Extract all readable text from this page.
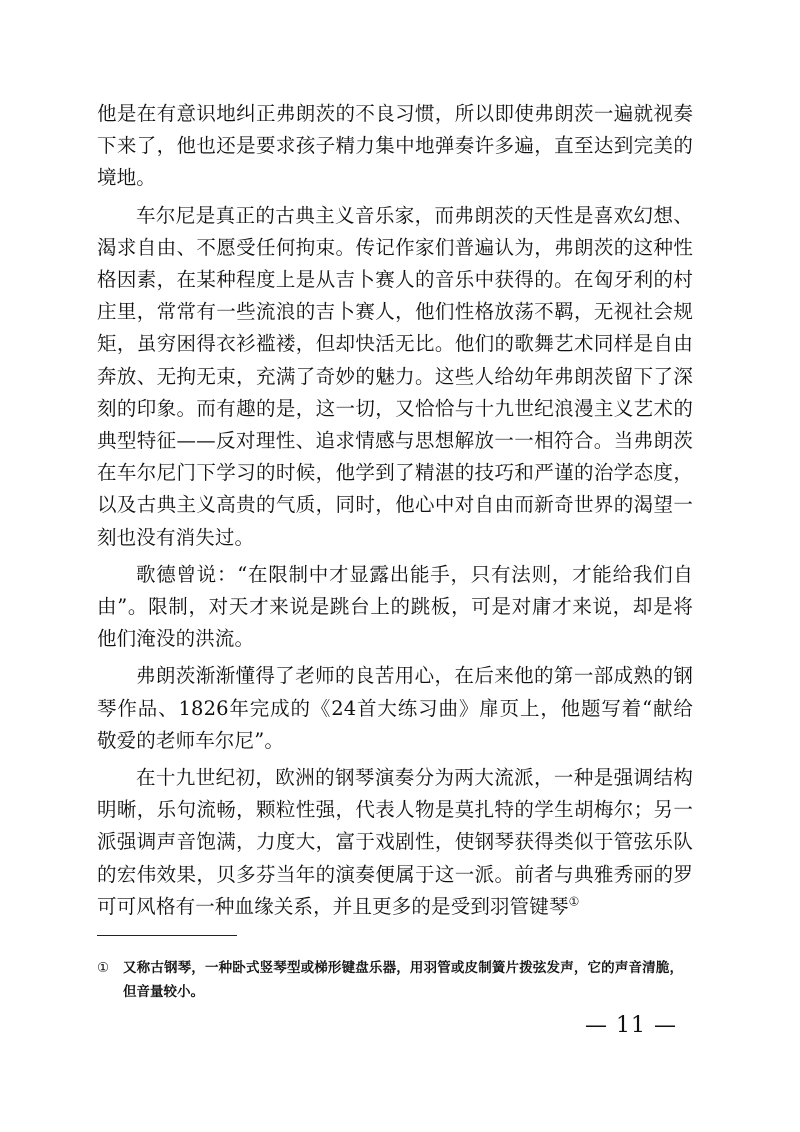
他是在有意识地纠正弗朗茨的不良习惯，所以即使弗朗茨一遍就视奏下来了，他也还是要求孩子精力集中地弹奏许多遍，直至达到完美的境地。

车尔尼是真正的古典主义音乐家，而弗朗茨的天性是喜欢幻想、渴求自由、不愿受任何拘束。传记作家们普遍认为，弗朗茨的这种性格因素，在某种程度上是从吉卜赛人的音乐中获得的。在匈牙利的村庄里，常常有一些流浪的吉卜赛人，他们性格放荡不羁，无视社会规矩，虽穷困得衣衫褴褛，但却快活无比。他们的歌舞艺术同样是自由奔放、无拘无束，充满了奇妙的魅力。这些人给幼年弗朗茨留下了深刻的印象。而有趣的是，这一切，又恰恰与十九世纪浪漫主义艺术的典型特征——反对理性、追求情感与思想解放一一相符合。当弗朗茨在车尔尼门下学习的时候，他学到了精湛的技巧和严谨的治学态度，以及古典主义高贵的气质，同时，他心中对自由而新奇世界的渴望一刻也没有消失过。

歌德曾说：“在限制中才显露出能手，只有法则，才能给我们自由”。限制，对天才来说是跳台上的跳板，可是对庸才来说，却是将他们淹没的洪流。

弗朗茨渐渐懂得了老师的良苦用心，在后来他的第一部成熟的钢琴作品、1826年完成的《24首大练习曲》扉页上，他题写着“献给敬爱的老师车尔尼”。

在十九世纪初，欧洲的钢琴演奏分为两大流派，一种是强调结构明晰，乐句流畅，颗粒性强，代表人物是莫扎特的学生胡梅尔；另一派强调声音饱满，力度大，富于戏剧性，使钢琴获得类似于管弦乐队的宏伟效果，贝多芬当年的演奏便属于这一派。前者与典雅秀丽的罗可可风格有一种血缘关系，并且更多的是受到羽管键琴①

① 又称古钢琴，一种卧式竖琴型或梯形键盘乐器，用羽管或皮制簧片拨弦发声，它的声音清脆，但音量较小。
— 11 —
